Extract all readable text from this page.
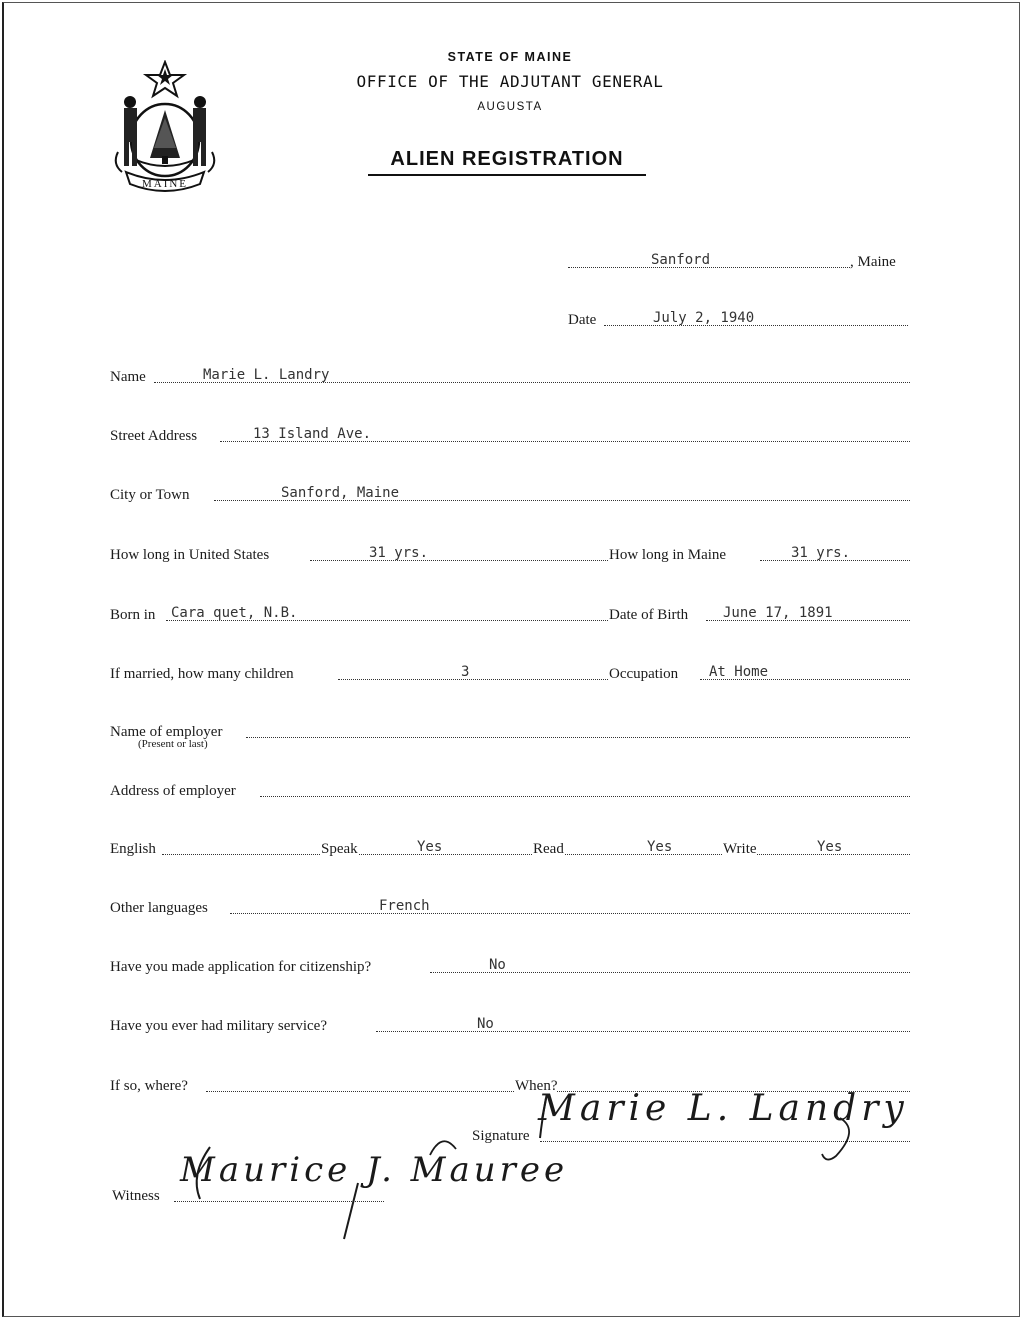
MAINE
STATE OF MAINE
OFFICE OF THE ADJUTANT GENERAL
AUGUSTA
ALIEN REGISTRATION
Sanford	, Maine
Date	July 2, 1940
Name	Marie L. Landry
Street Address	13 Island Ave.
City or Town	Sanford, Maine
How long in United States	31 yrs.	How long in Maine	31 yrs.
Born in Cara quet, N.B.	Date of Birth June 17, 1891
If married, how many children	3	Occupation At Home
Name of employer
(Present or last)
Address of employer
English	Speak	Yes	Read	Yes	Write	Yes
Other languages	French
Have you made application for citizenship?	No
Have you ever had military service?	No
If so, where?	When?
Signature
Marie L. Landry
Witness
Maurice J. Mauree
